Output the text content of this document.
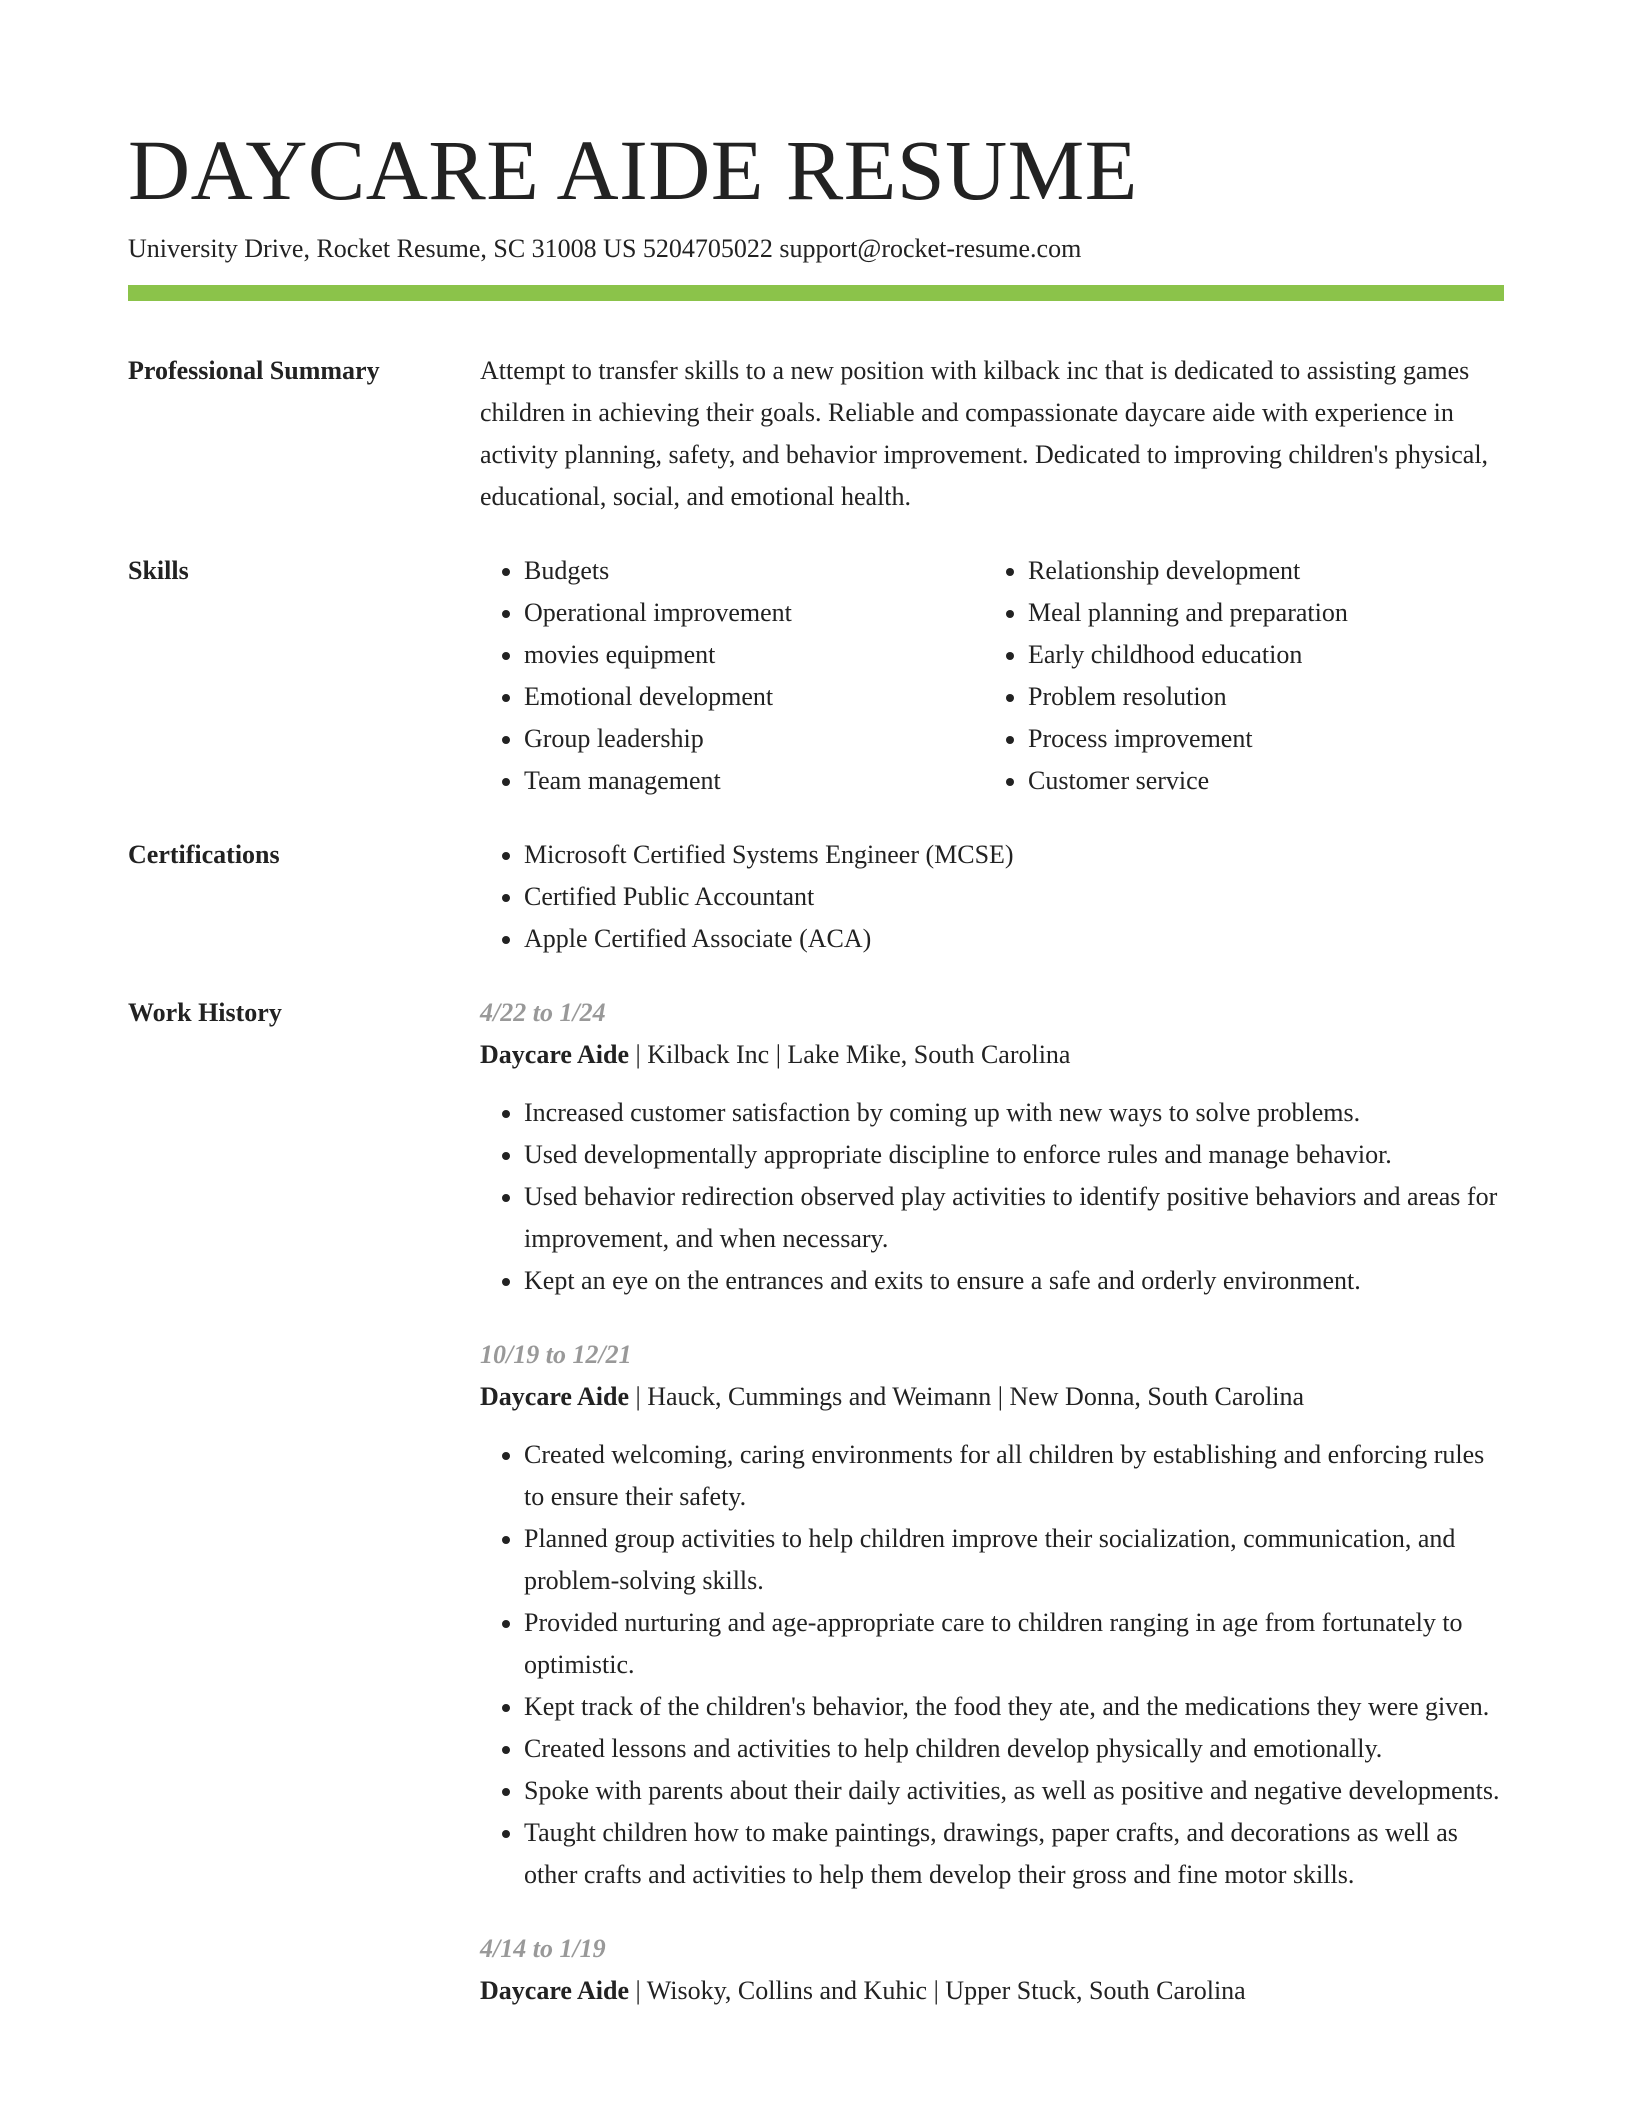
DAYCARE AIDE RESUME
University Drive, Rocket Resume, SC 31008 US 5204705022 support@rocket-resume.com
Professional Summary	Attempt to transfer skills to a new position with kilback inc that is dedicated to assisting games children in achieving their goals. Reliable and compassionate daycare aide with experience in activity planning, safety, and behavior improvement. Dedicated to improving children's physical, educational, social, and emotional health.

Skills	• Budgets
• Operational improvement
• movies equipment
• Emotional development
• Group leadership
• Team management
• Relationship development
• Meal planning and preparation
• Early childhood education
• Problem resolution
• Process improvement
• Customer service
Certifications	• Microsoft Certified Systems Engineer (MCSE)
• Certified Public Accountant
• Apple Certified Associate (ACA)
Work History	4/22 to 1/24
Daycare Aide | Kilback Inc | Lake Mike, South Carolina
• Increased customer satisfaction by coming up with new ways to solve problems.
• Used developmentally appropriate discipline to enforce rules and manage behavior.
• Used behavior redirection observed play activities to identify positive behaviors and areas for improvement, and when necessary.
• Kept an eye on the entrances and exits to ensure a safe and orderly environment.
10/19 to 12/21
Daycare Aide | Hauck, Cummings and Weimann | New Donna, South Carolina
• Created welcoming, caring environments for all children by establishing and enforcing rules to ensure their safety.
• Planned group activities to help children improve their socialization, communication, and problem-solving skills.
• Provided nurturing and age-appropriate care to children ranging in age from fortunately to optimistic.
• Kept track of the children's behavior, the food they ate, and the medications they were given.
• Created lessons and activities to help children develop physically and emotionally.
• Spoke with parents about their daily activities, as well as positive and negative developments.
• Taught children how to make paintings, drawings, paper crafts, and decorations as well as other crafts and activities to help them develop their gross and fine motor skills.
4/14 to 1/19
Daycare Aide | Wisoky, Collins and Kuhic | Upper Stuck, South Carolina
